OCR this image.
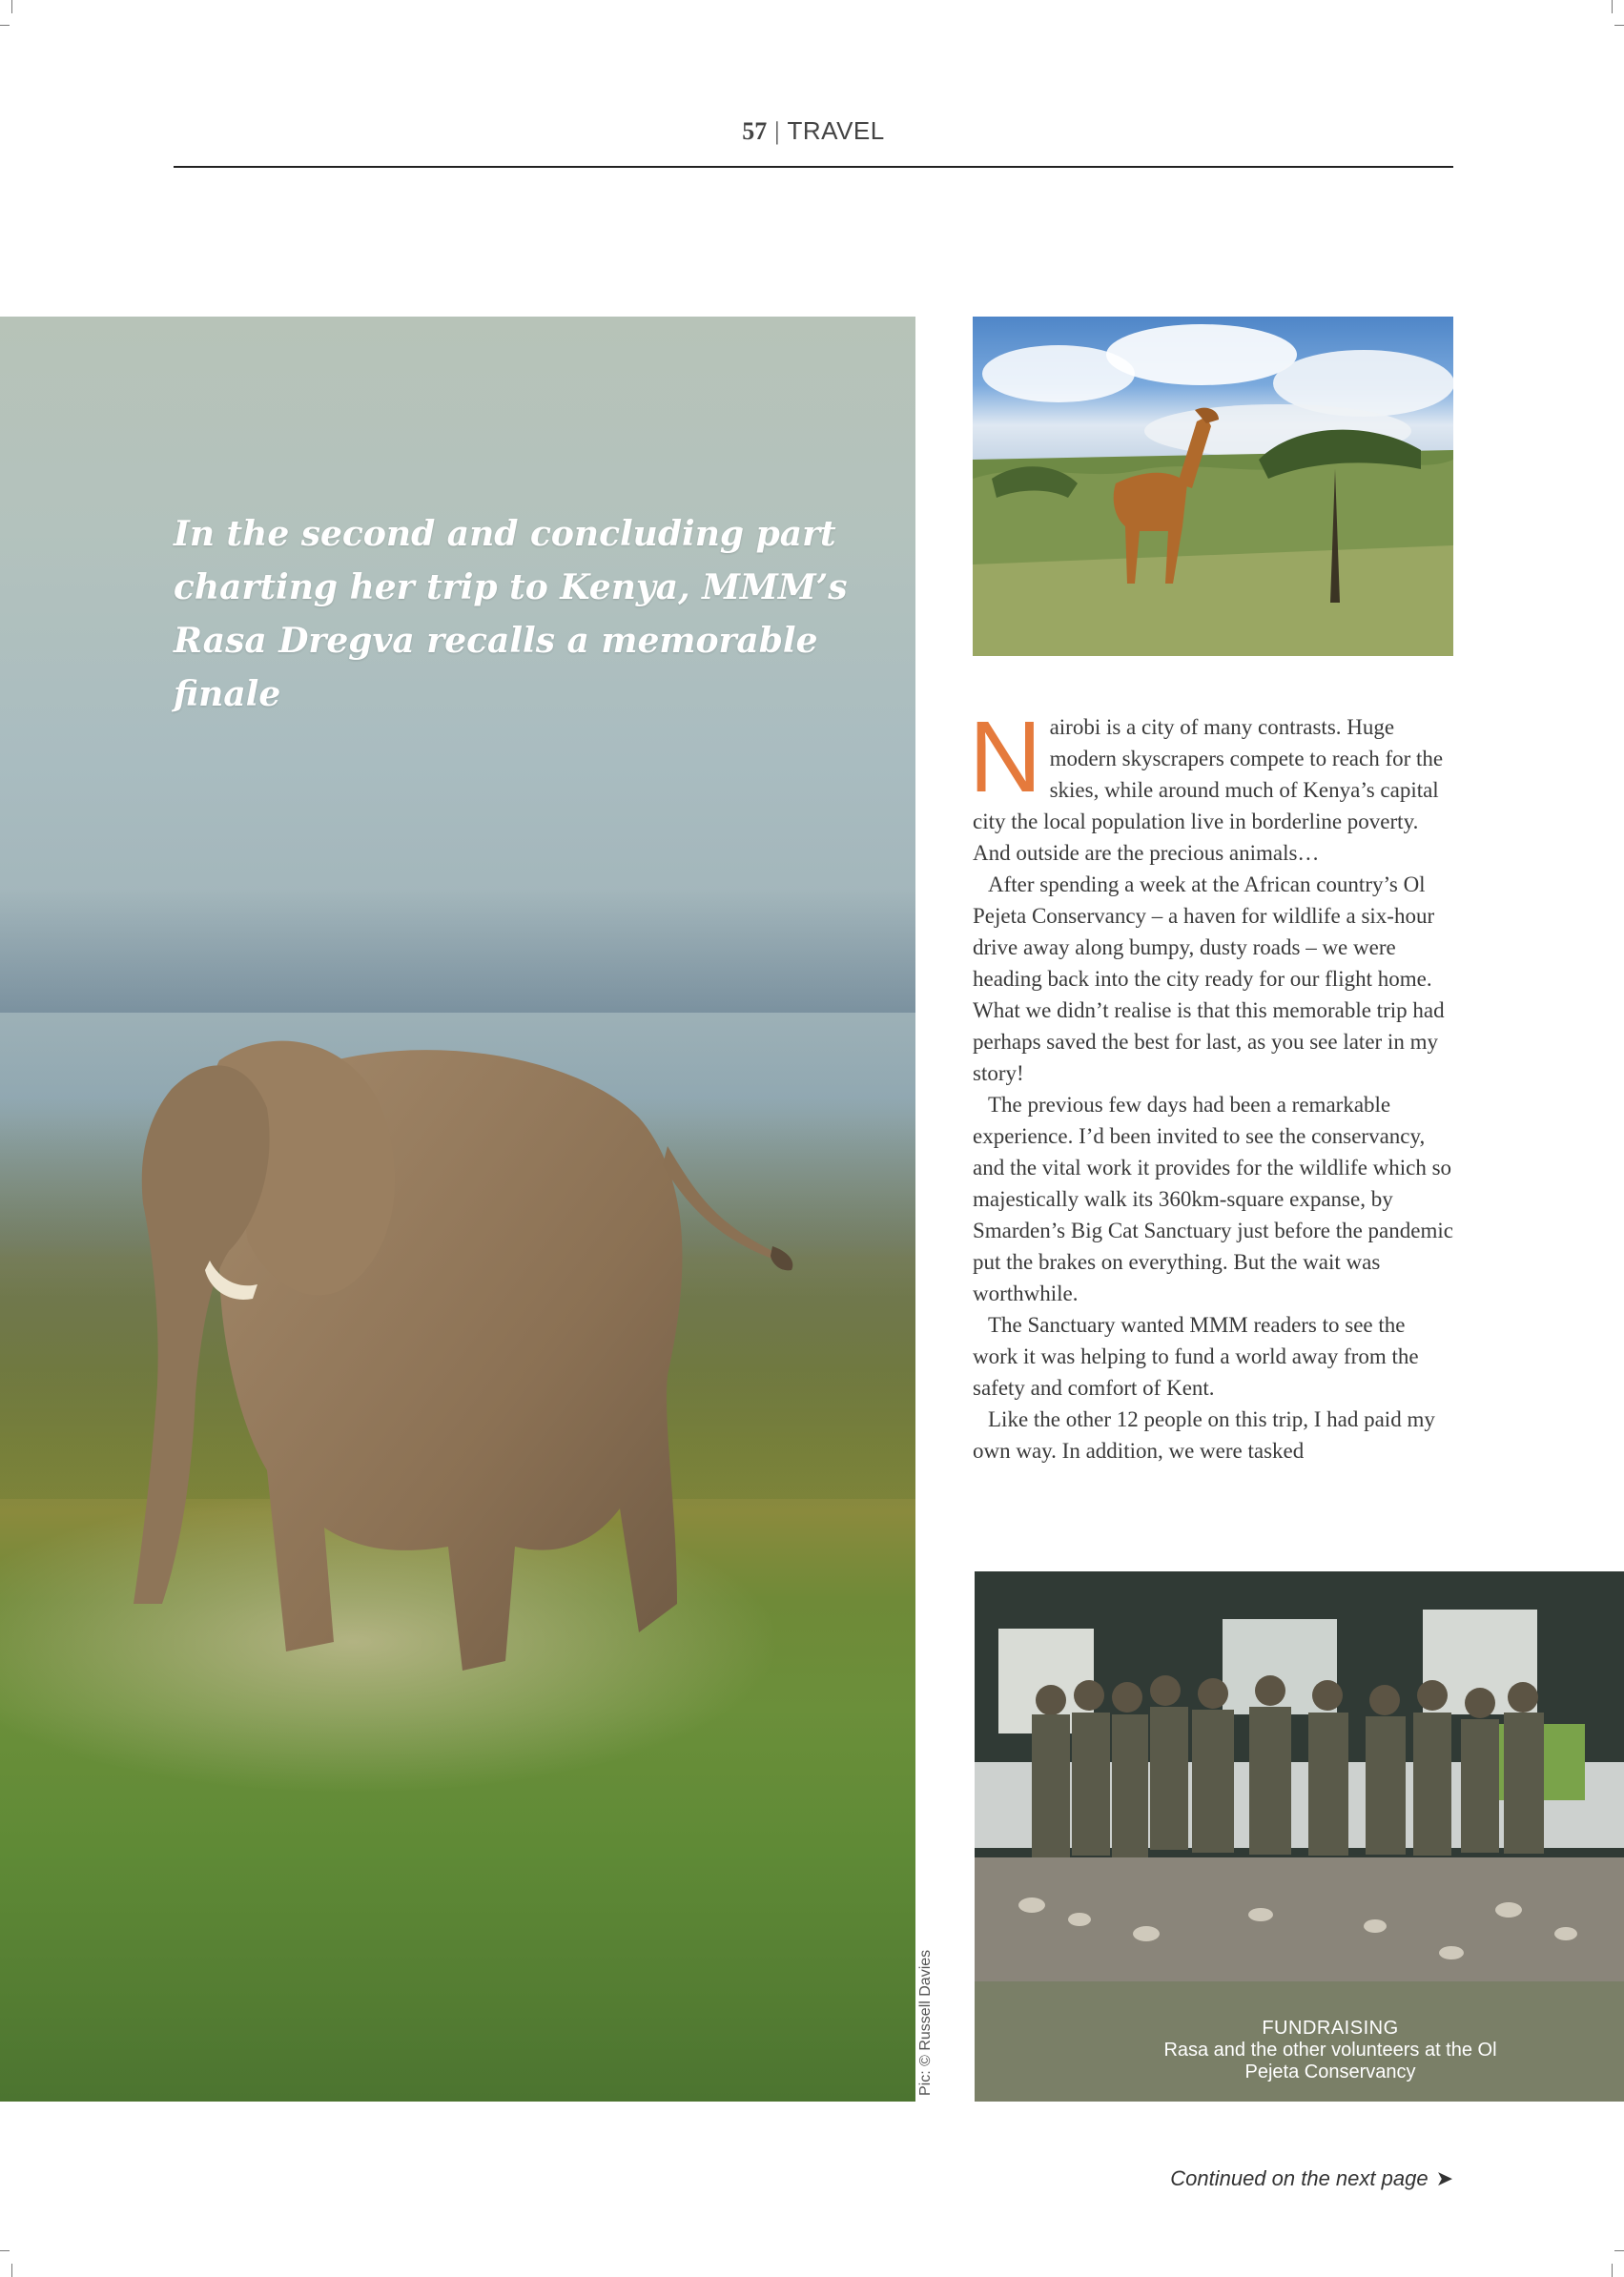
57 | TRAVEL
In the second and concluding part charting her trip to Kenya, MMM’s Rasa Dregva recalls a memorable finale
Pic: © Russell Davies

Nairobi is a city of many contrasts. Huge modern skyscrapers compete to reach for the skies, while around much of Kenya’s capital city the local population live in borderline poverty. And outside are the precious animals…

After spending a week at the African country’s Ol Pejeta Conservancy – a haven for wildlife a six-hour drive away along bumpy, dusty roads – we were heading back into the city ready for our flight home. What we didn’t realise is that this memorable trip had perhaps saved the best for last, as you see later in my story!

The previous few days had been a remarkable experience. I’d been invited to see the conservancy, and the vital work it provides for the wildlife which so majestically walk its 360km-square expanse, by Smarden’s Big Cat Sanctuary just before the pandemic put the brakes on everything. But the wait was worthwhile.

The Sanctuary wanted MMM readers to see the work it was helping to fund a world away from the safety and comfort of Kent.

Like the other 12 people on this trip, I had paid my own way. In addition, we were tasked

FUNDRAISING
Rasa and the other volunteers at the Ol Pejeta Conservancy
Continued on the next page ➤
